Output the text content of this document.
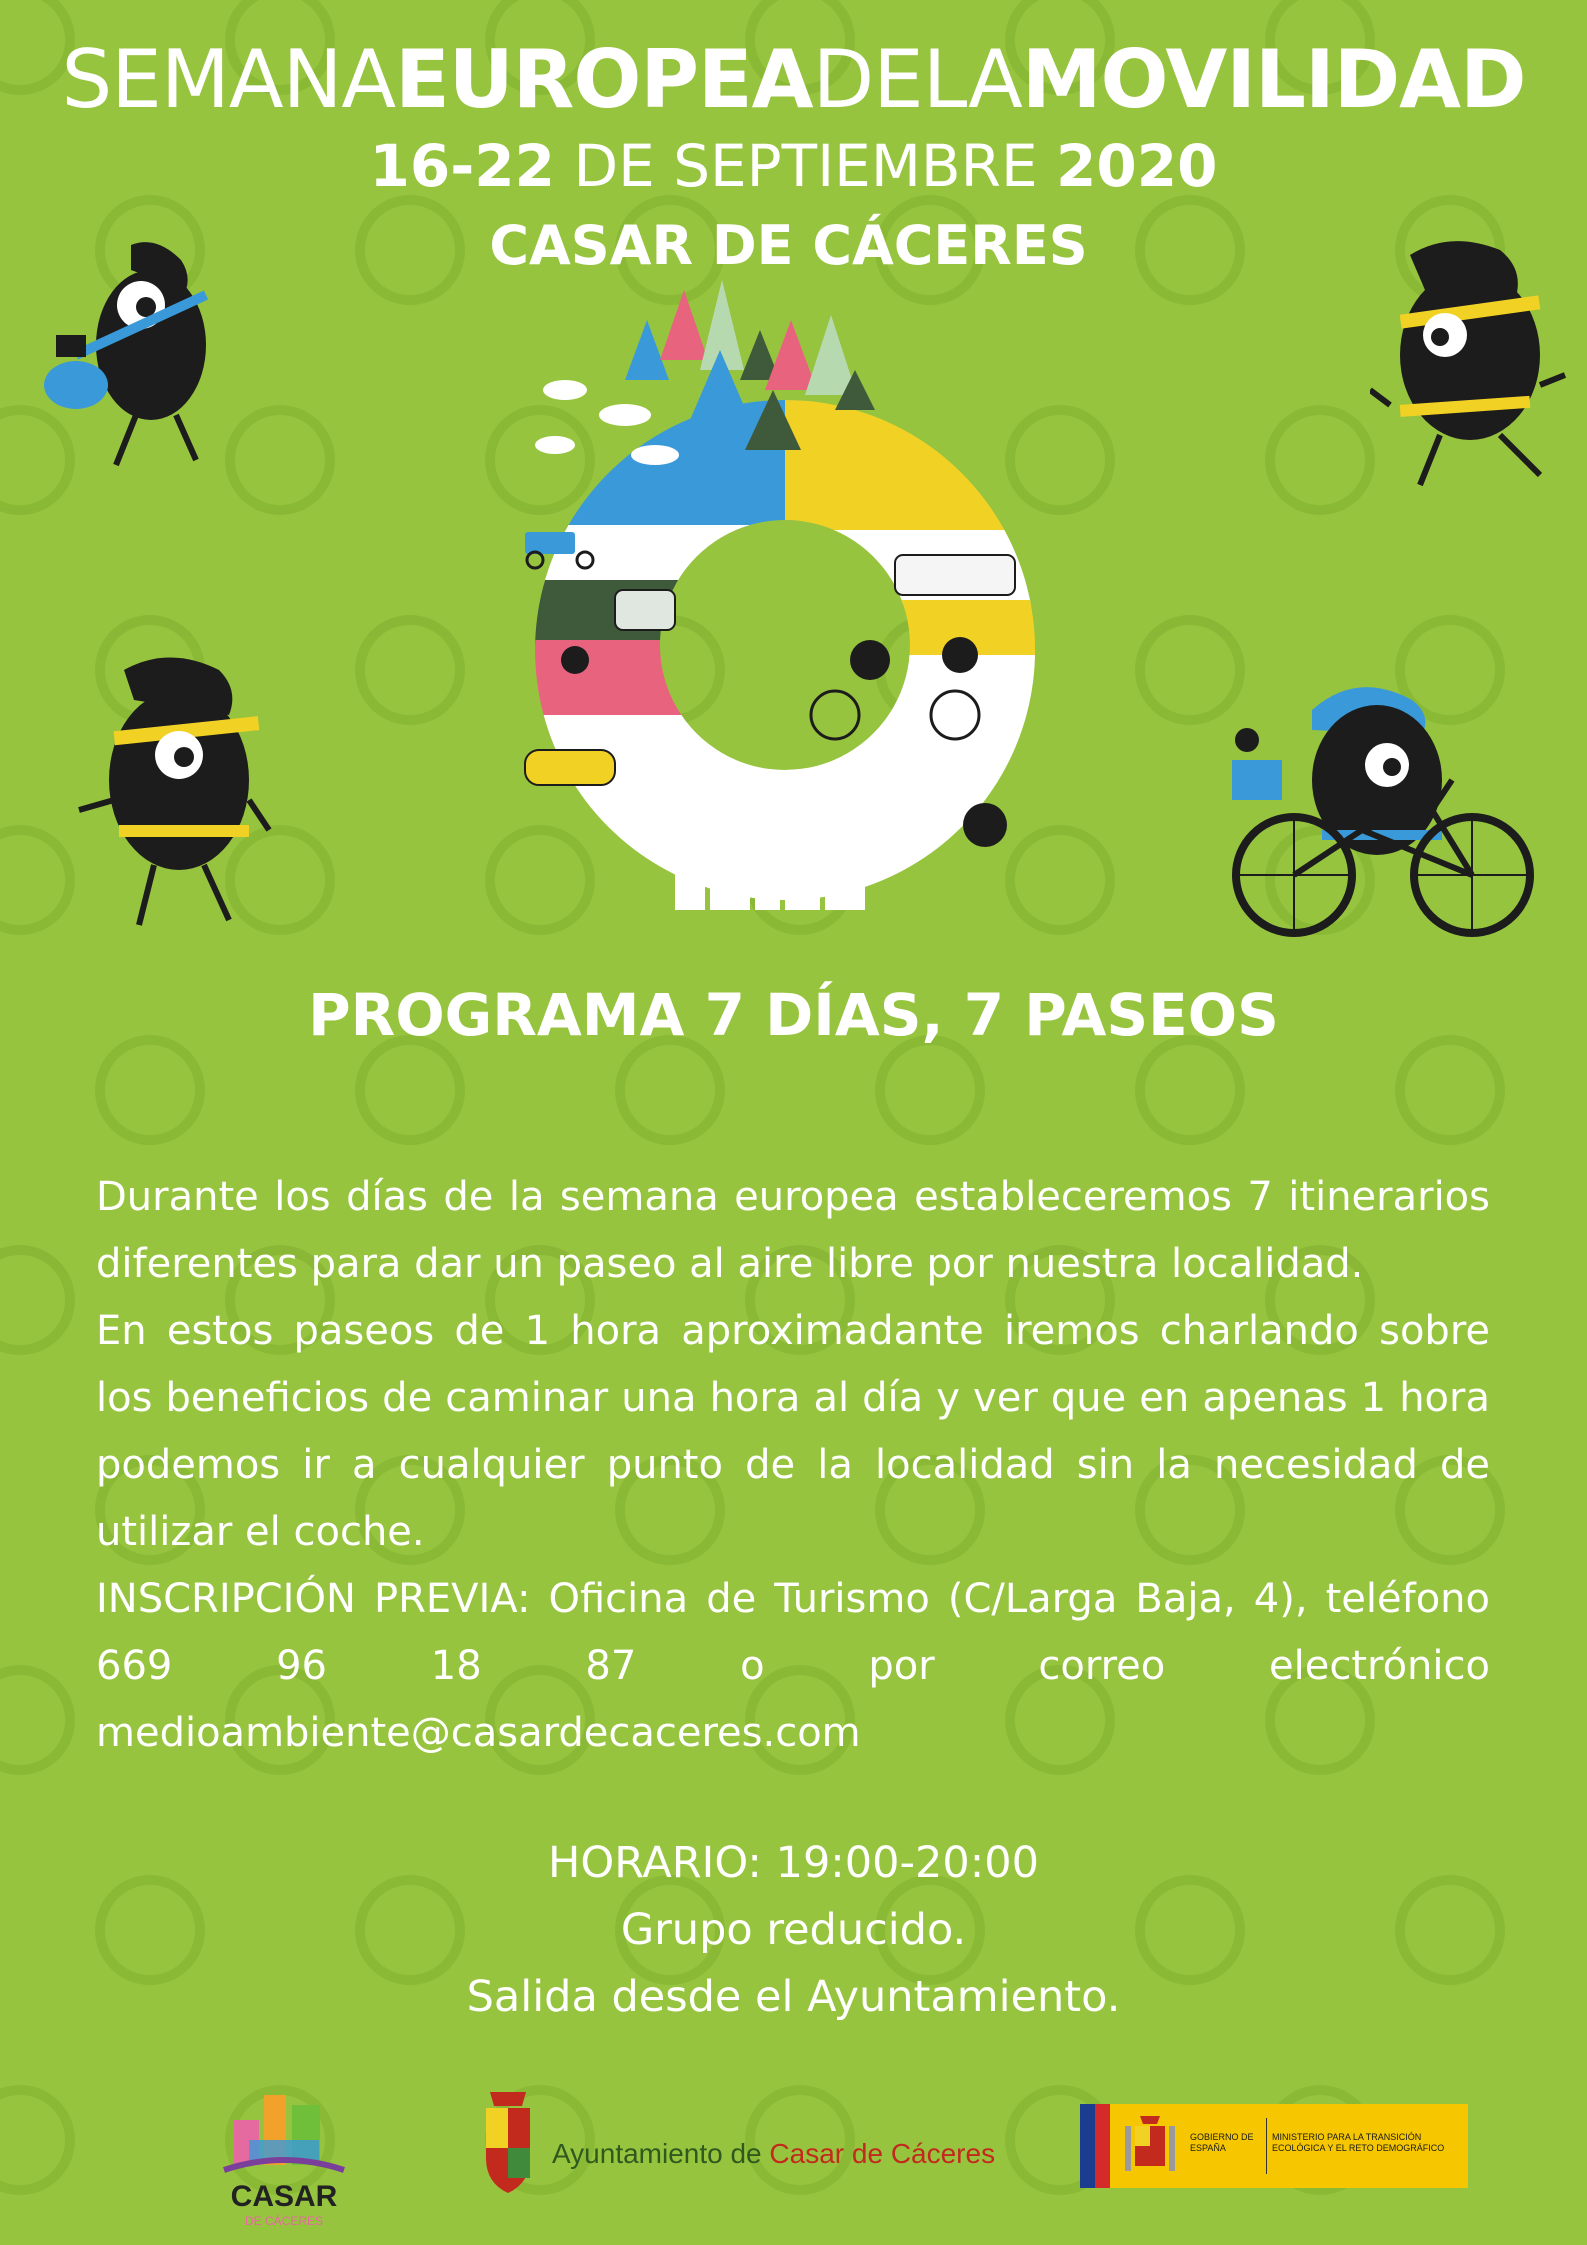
SEMANAEUROPEADELAMOVILIDAD
16-22 DE SEPTIEMBRE 2020
CASAR DE CÁCERES
PROGRAMA 7 DÍAS, 7 PASEOS

Durante los días de la semana europea estableceremos 7 itinerarios diferentes para dar un paseo al aire libre por nuestra localidad.

En estos paseos de 1 hora aproximadante iremos charlando sobre los beneficios de caminar una hora al día y ver que en apenas 1 hora podemos ir a cualquier punto de la localidad sin la necesidad de utilizar el coche.

INSCRIPCIÓN PREVIA: Oficina de Turismo (C/Larga Baja, 4), teléfono 669 96 18 87 o por correo electrónico medioambiente@casardecaceres.com

HORARIO: 19:00-20:00
Grupo reducido.
Salida desde el Ayuntamiento.
CASAR
DE CÁCERES
Ayuntamiento de Casar de Cáceres
GOBIERNO DE ESPAÑA
MINISTERIO PARA LA TRANSICIÓN ECOLÓGICA Y EL RETO DEMOGRÁFICO
